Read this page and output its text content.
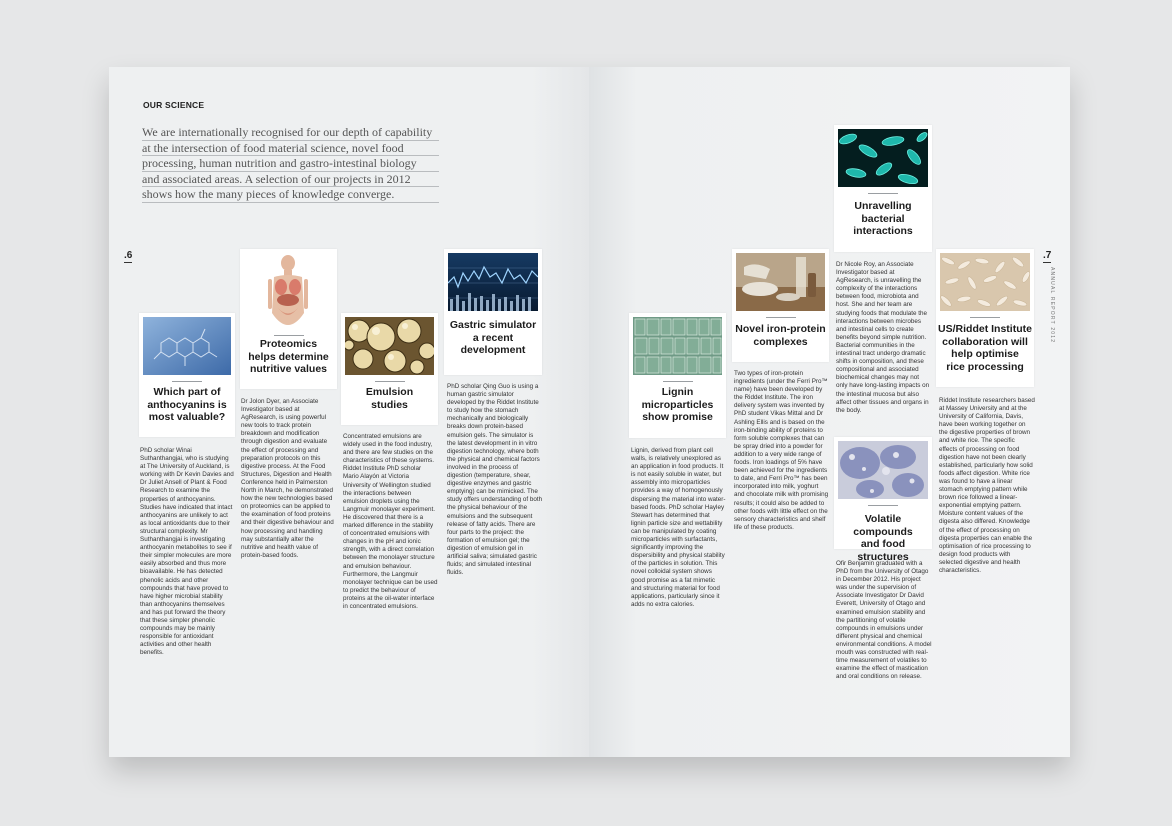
OUR SCIENCE
We are internationally recognised for our depth of capability
at the intersection of food material science, novel food
processing, human nutrition and gastro-intestinal biology
and associated areas. A selection of our projects in 2012
shows how the many pieces of knowledge converge.
.6
Which part of
anthocyanins is
most valuable?
PhD scholar Winai Suthanthangjai, who is studying at The University of Auckland, is working with Dr Kevin Davies and Dr Juliet Ansell of Plant & Food Research to examine the properties of anthocyanins. Studies have indicated that intact anthocyanins are unlikely to act as local antioxidants due to their structural complexity. Mr Suthanthangjai is investigating anthocyanin metabolites to see if their simpler molecules are more easily absorbed and thus more bioavailable. He has detected phenolic acids and other compounds that have proved to have higher microbial stability than anthocyanins themselves and has put forward the theory that these simpler phenolic compounds may be mainly responsible for antioxidant activities and other health benefits.
Proteomics
helps determine
nutritive values
Dr Jolon Dyer, an Associate Investigator based at AgResearch, is using powerful new tools to track protein breakdown and modification through digestion and evaluate the effect of processing and preparation protocols on this digestive process. At the Food Structures, Digestion and Health Conference held in Palmerston North in March, he demonstrated how the new technologies based on proteomics can be applied to the examination of food proteins and their digestive behaviour and how processing and handling may substantially alter the nutritive and health value of protein-based foods.
Emulsion
studies
Concentrated emulsions are widely used in the food industry, and there are few studies on the characteristics of these systems. Riddet Institute PhD scholar Mario Alayón at Victoria University of Wellington studied the interactions between emulsion droplets using the Langmuir monolayer experiment. He discovered that there is a marked difference in the stability of concentrated emulsions with changes in the pH and ionic strength, with a direct correlation between the monolayer structure and emulsion behaviour. Furthermore, the Langmuir monolayer technique can be used to predict the behaviour of proteins at the oil-water interface in concentrated emulsions.
Gastric simulator
a recent
development
PhD scholar Qing Guo is using a human gastric simulator developed by the Riddet Institute to study how the stomach mechanically and biologically breaks down protein-based emulsion gels. The simulator is the latest development in in vitro digestion technology, where both the physical and chemical factors involved in the process of digestion (temperature, shear, digestive enzymes and gastric emptying) can be mimicked. The study offers understanding of both the physical behaviour of the emulsions and the subsequent release of fatty acids. There are four parts to the project: the formation of emulsion gel; the digestion of emulsion gel in artificial saliva; simulated gastric fluids; and simulated intestinal fluids.
.7
ANNUAL REPORT 2012
Lignin
microparticles
show promise
Lignin, derived from plant cell walls, is relatively unexplored as an application in food products. It is not easily soluble in water, but assembly into microparticles provides a way of homogenously dispersing the material into water-based foods. PhD scholar Hayley Stewart has determined that lignin particle size and wettability can be manipulated by coating microparticles with surfactants, significantly improving the dispersibility and physical stability of the particles in solution. This novel colloidal system shows good promise as a fat mimetic and structuring material for food applications, particularly since it adds no extra calories.
Novel iron-protein
complexes
Two types of iron-protein ingredients (under the Ferri Pro™ name) have been developed by the Riddet Institute. The iron delivery system was invented by PhD student Vikas Mittal and Dr Ashling Ellis and is based on the iron-binding ability of proteins to form soluble complexes that can be spray dried into a powder for addition to a very wide range of foods. Iron loadings of 5% have been achieved for the ingredients to date, and Ferri Pro™ has been incorporated into milk, yoghurt and chocolate milk with promising results; it could also be added to other foods with little effect on the sensory characteristics and shelf life of these products.
Unravelling
bacterial
interactions
Dr Nicole Roy, an Associate Investigator based at AgResearch, is unravelling the complexity of the interactions between food, microbiota and host. She and her team are studying foods that modulate the interactions between microbes and intestinal cells to create benefits beyond simple nutrition. Bacterial communities in the intestinal tract undergo dramatic shifts in composition, and these compositional and associated biochemical changes may not only have long-lasting impacts on the intestinal mucosa but also affect other tissues and organs in the body.
Volatile compounds
and food structures
Ofir Benjamin graduated with a PhD from the University of Otago in December 2012. His project was under the supervision of Associate Investigator Dr David Everett, University of Otago and examined emulsion stability and the partitioning of volatile compounds in emulsions under different physical and chemical environmental conditions. A model mouth was constructed with real-time measurement of volatiles to examine the effect of mastication and oral conditions on release.
US/Riddet Institute
collaboration will
help optimise
rice processing
Riddet Institute researchers based at Massey University and at the University of California, Davis, have been working together on the digestive properties of brown and white rice. The specific effects of processing on food digestion have not been clearly established, particularly how solid foods affect digestion. White rice was found to have a linear stomach emptying pattern while brown rice followed a linear-exponential emptying pattern. Moisture content values of the digesta also differed. Knowledge of the effect of processing on digesta properties can enable the optimisation of rice processing to design food products with selected digestive and health characteristics.
